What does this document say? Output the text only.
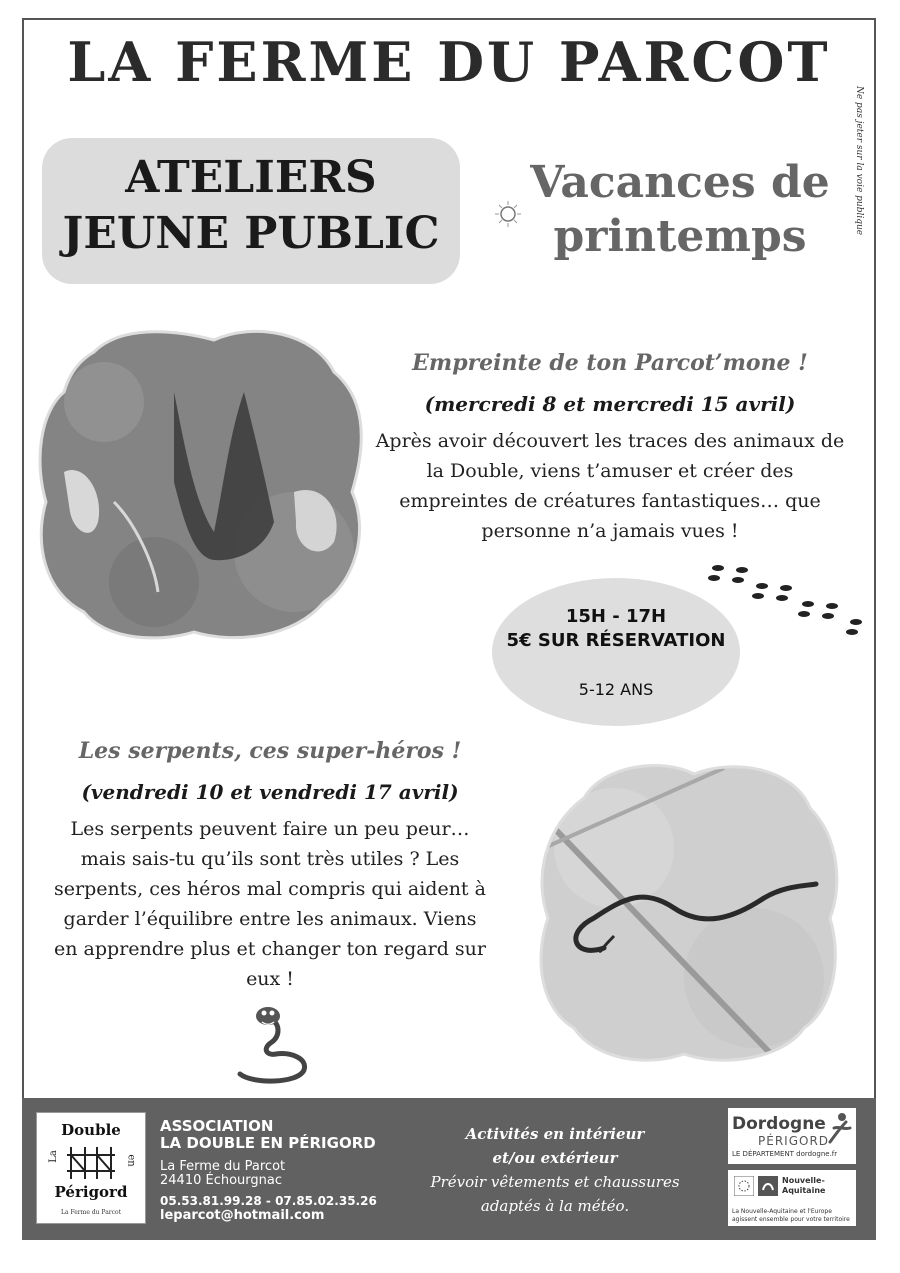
LA FERME DU PARCOT
Ne pas jeter sur la voie publique
ATELIERS
JEUNE PUBLIC
Vacances de
printemps
Empreinte de ton Parcot’mone !
(mercredi 8 et mercredi 15 avril)
Après avoir découvert les traces des animaux de la Double, viens t’amuser et créer des empreintes de créatures fantastiques… que personne n’a jamais vues !
15H - 17H
5€ SUR RÉSERVATION
5-12 ANS
Les serpents, ces super-héros !
(vendredi 10 et vendredi 17 avril)
Les serpents peuvent faire un peu peur… mais sais-tu qu’ils sont très utiles ? Les serpents, ces héros mal compris qui aident à garder l’équilibre entre les animaux. Viens en apprendre plus et changer ton regard sur eux !
Double
La	en
Périgord
La Ferme du Parcot
ASSOCIATION
LA DOUBLE EN PÉRIGORD
La Ferme du Parcot
24410 Échourgnac
05.53.81.99.28 - 07.85.02.35.26
leparcot@hotmail.com
Activités en intérieur
et/ou extérieur
Prévoir vêtements et chaussures
adaptés à la météo.
Dordogne
PÉRIGORD
LE DÉPARTEMENT dordogne.fr
Nouvelle-Aquitaine
La Nouvelle-Aquitaine et l'Europe agissent ensemble pour votre territoire
